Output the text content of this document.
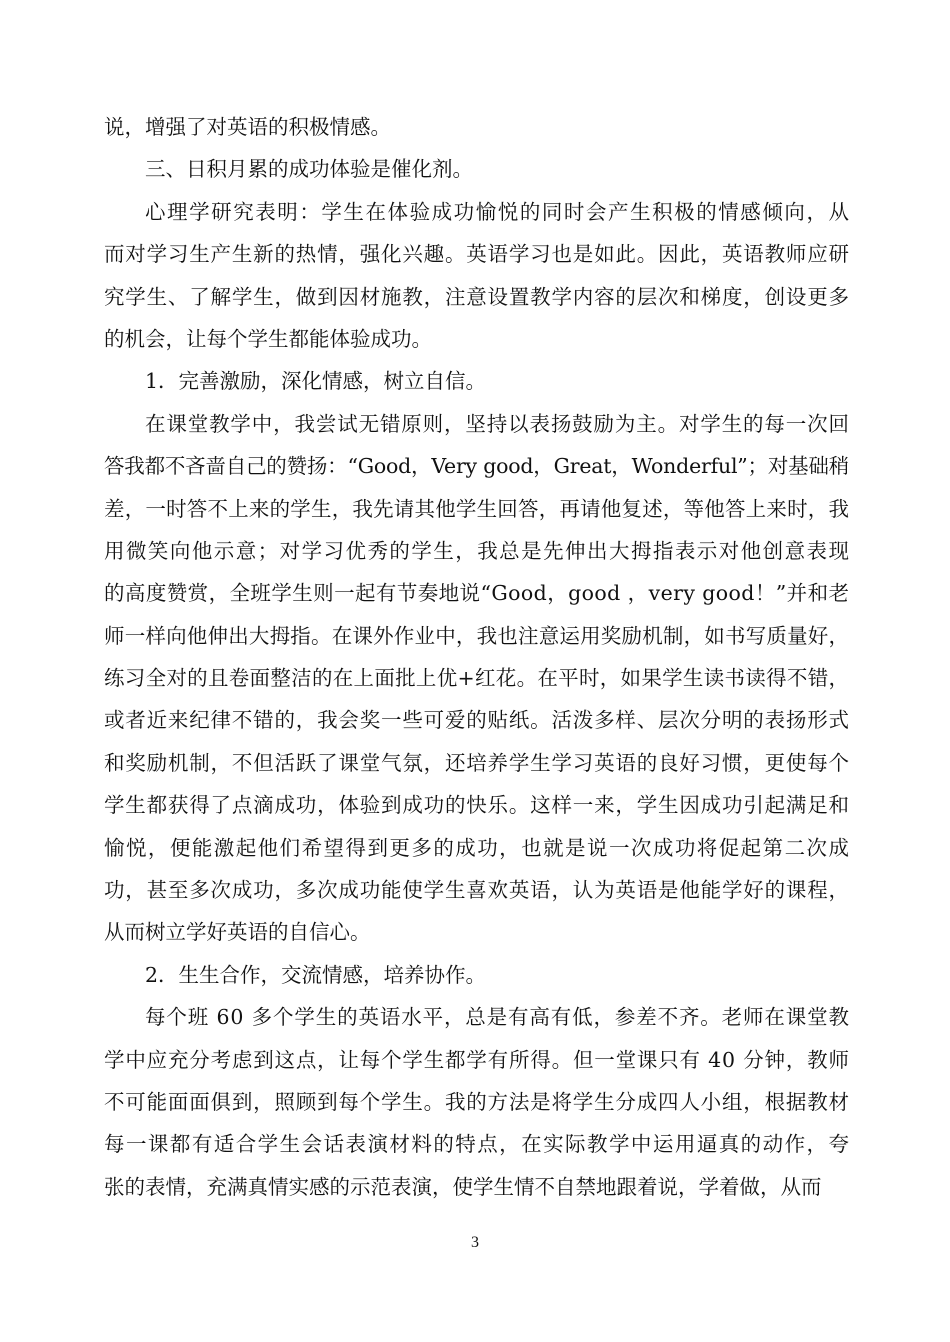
说，增强了对英语的积极情感。
三、日积月累的成功体验是催化剂。
心理学研究表明：学生在体验成功愉悦的同时会产生积极的情感倾向，从
而对学习生产生新的热情，强化兴趣。英语学习也是如此。因此，英语教师应研
究学生、了解学生，做到因材施教，注意设置教学内容的层次和梯度，创设更多
的机会，让每个学生都能体验成功。
1．完善激励，深化情感，树立自信。
在课堂教学中，我尝试无错原则，坚持以表扬鼓励为主。对学生的每一次回
答我都不吝啬自己的赞扬：“Good，Very good，Great，Wonderful”；对基础稍
差，一时答不上来的学生，我先请其他学生回答，再请他复述，等他答上来时，我
用微笑向他示意；对学习优秀的学生，我总是先伸出大拇指表示对他创意表现
的高度赞赏，全班学生则一起有节奏地说“Good，good ，very good！”并和老
师一样向他伸出大拇指。在课外作业中，我也注意运用奖励机制，如书写质量好，
练习全对的且卷面整洁的在上面批上优+红花。在平时，如果学生读书读得不错，
或者近来纪律不错的，我会奖一些可爱的贴纸。活泼多样、层次分明的表扬形式
和奖励机制，不但活跃了课堂气氛，还培养学生学习英语的良好习惯，更使每个
学生都获得了点滴成功，体验到成功的快乐。这样一来，学生因成功引起满足和
愉悦，便能激起他们希望得到更多的成功，也就是说一次成功将促起第二次成
功，甚至多次成功，多次成功能使学生喜欢英语，认为英语是他能学好的课程，
从而树立学好英语的自信心。
2．生生合作，交流情感，培养协作。
每个班 60 多个学生的英语水平，总是有高有低，参差不齐。老师在课堂教
学中应充分考虑到这点，让每个学生都学有所得。但一堂课只有 40 分钟，教师
不可能面面俱到，照顾到每个学生。我的方法是将学生分成四人小组，根据教材
每一课都有适合学生会话表演材料的特点，在实际教学中运用逼真的动作，夸
张的表情，充满真情实感的示范表演，使学生情不自禁地跟着说，学着做，从而
3
